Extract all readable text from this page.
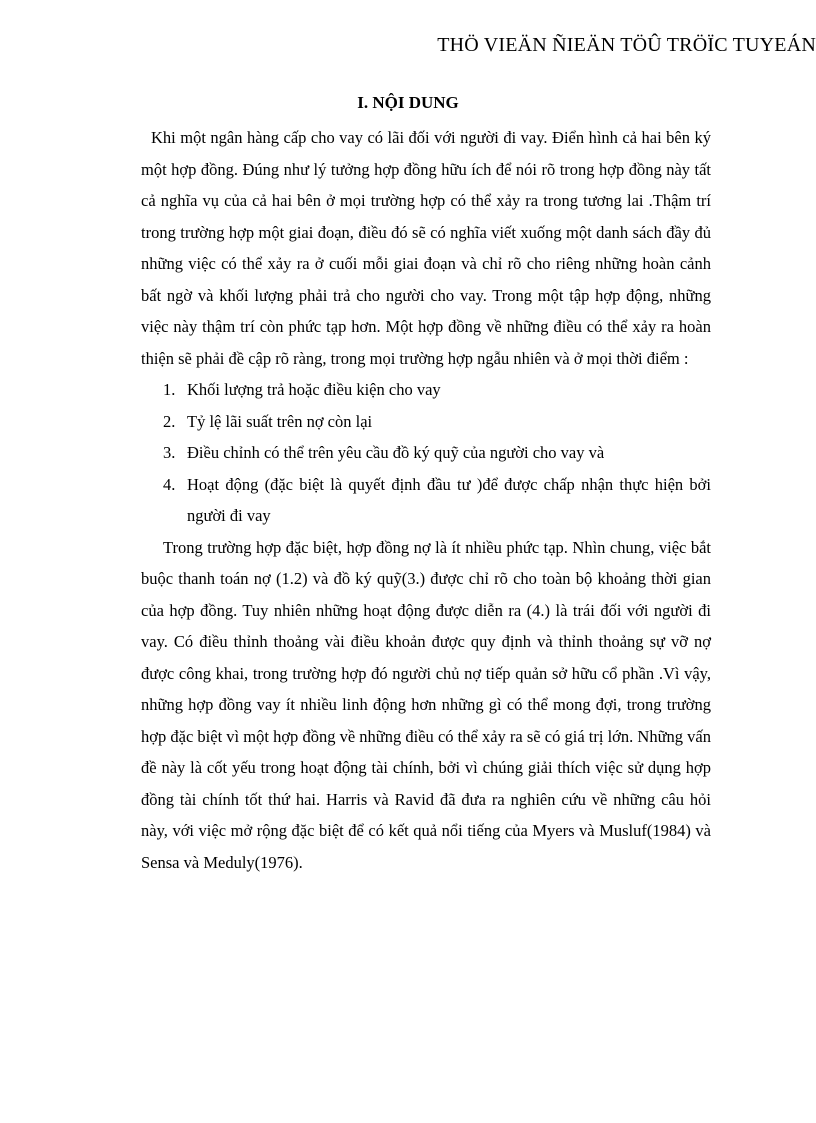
THÖ VIEÄN ÑIEÄN TÖÛ TRÖÏC TUYEÁN
I. NỘI DUNG

Khi một ngân hàng cấp cho vay có lãi đối với người đi vay. Điển hình cả hai bên ký một hợp đồng. Đúng như lý tưởng hợp đồng hữu ích để nói rõ trong hợp đồng này tất cả nghĩa vụ của cả hai bên ở mọi trường hợp có thể xảy ra trong tương lai .Thậm trí trong trường hợp một giai đoạn, điều đó sẽ có nghĩa viết xuống một danh sách đầy đủ những việc có thể xảy ra ở cuối mỗi giai đoạn và chỉ rõ cho riêng những hoàn cảnh bất ngờ và khối lượng phải trả cho người cho vay. Trong một tập hợp động, những việc này thậm trí còn phức tạp hơn. Một hợp đồng về những điều có thể xảy ra hoàn thiện sẽ phải đề cập rõ ràng, trong mọi trường hợp ngẫu nhiên và ở mọi thời điểm :

1. Khối lượng trả hoặc điều kiện cho vay
2. Tỷ lệ lãi suất trên nợ còn lại
3. Điều chỉnh có thể trên yêu cầu đồ ký quỹ của người cho vay và
4. Hoạt động (đặc biệt là quyết định đầu tư )để được chấp nhận thực hiện bởi người đi vay

Trong trường hợp đặc biệt, hợp đồng nợ là ít nhiều phức tạp. Nhìn chung, việc bắt buộc thanh toán nợ (1.2) và đồ ký quỹ(3.) được chỉ rõ cho toàn bộ khoảng thời gian của hợp đồng. Tuy nhiên những hoạt động được diễn ra (4.) là trái đối với người đi vay. Có điều thỉnh thoảng vài điều khoản được quy định và thỉnh thoảng sự vỡ nợ được công khai, trong trường hợp đó người chủ nợ tiếp quản sở hữu cổ phần .Vì vậy, những hợp đồng vay ít nhiều linh động hơn những gì có thể mong đợi, trong trường hợp đặc biệt vì một hợp đồng về những điều có thể xảy ra sẽ có giá trị lớn. Những vấn đề này là cốt yếu trong hoạt động tài chính, bởi vì chúng giải thích việc sử dụng hợp đồng tài chính tốt thứ hai. Harris và Ravid đã đưa ra nghiên cứu về những câu hỏi này, với việc mở rộng đặc biệt để có kết quả nổi tiếng của Myers và Musluf(1984) và Sensa và Meduly(1976).
